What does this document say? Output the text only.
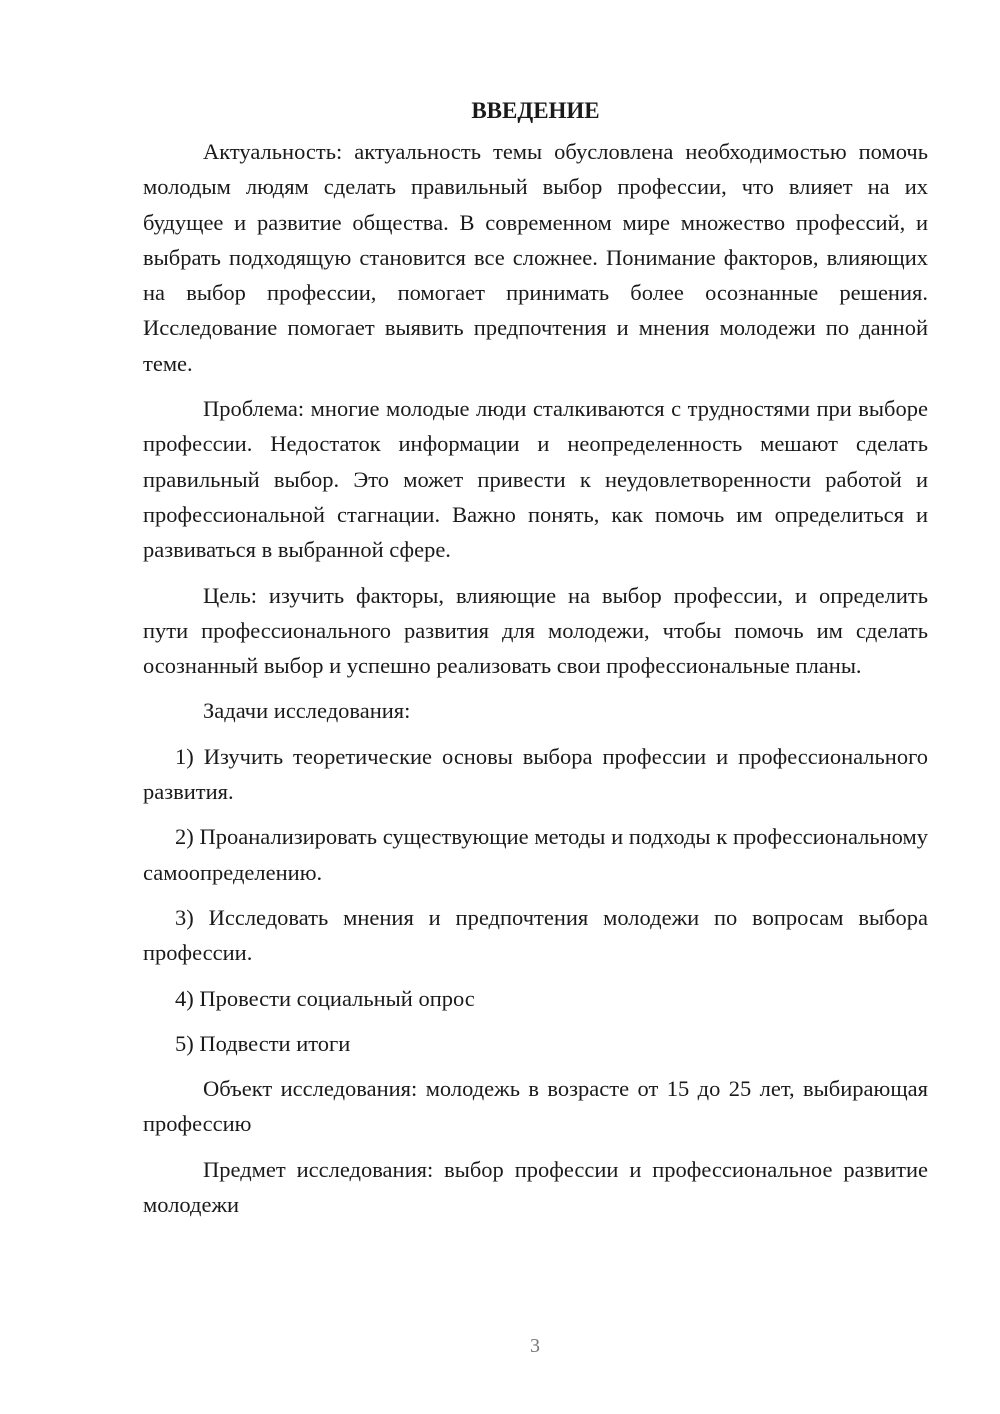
ВВЕДЕНИЕ

Актуальность: актуальность темы обусловлена необходимостью помочь молодым людям сделать правильный выбор профессии, что влияет на их будущее и развитие общества. В современном мире множество профессий, и выбрать подходящую становится все сложнее. Понимание факторов, влияющих на выбор профессии, помогает принимать более осознанные решения. Исследование помогает выявить предпочтения и мнения молодежи по данной теме.

Проблема: многие молодые люди сталкиваются с трудностями при выборе профессии. Недостаток информации и неопределенность мешают сделать правильный выбор. Это может привести к неудовлетворенности работой и профессиональной стагнации. Важно понять, как помочь им определиться и развиваться в выбранной сфере.

Цель: изучить факторы, влияющие на выбор профессии, и определить пути профессионального развития для молодежи, чтобы помочь им сделать осознанный выбор и успешно реализовать свои профессиональные планы.

Задачи исследования:

1) Изучить теоретические основы выбора профессии и профессионального развития.

2) Проанализировать существующие методы и подходы к профессиональному самоопределению.

3) Исследовать мнения и предпочтения молодежи по вопросам выбора профессии.

4) Провести социальный опрос

5) Подвести итоги

Объект исследования: молодежь в возрасте от 15 до 25 лет, выбирающая профессию

Предмет исследования: выбор профессии и профессиональное развитие молодежи

3
